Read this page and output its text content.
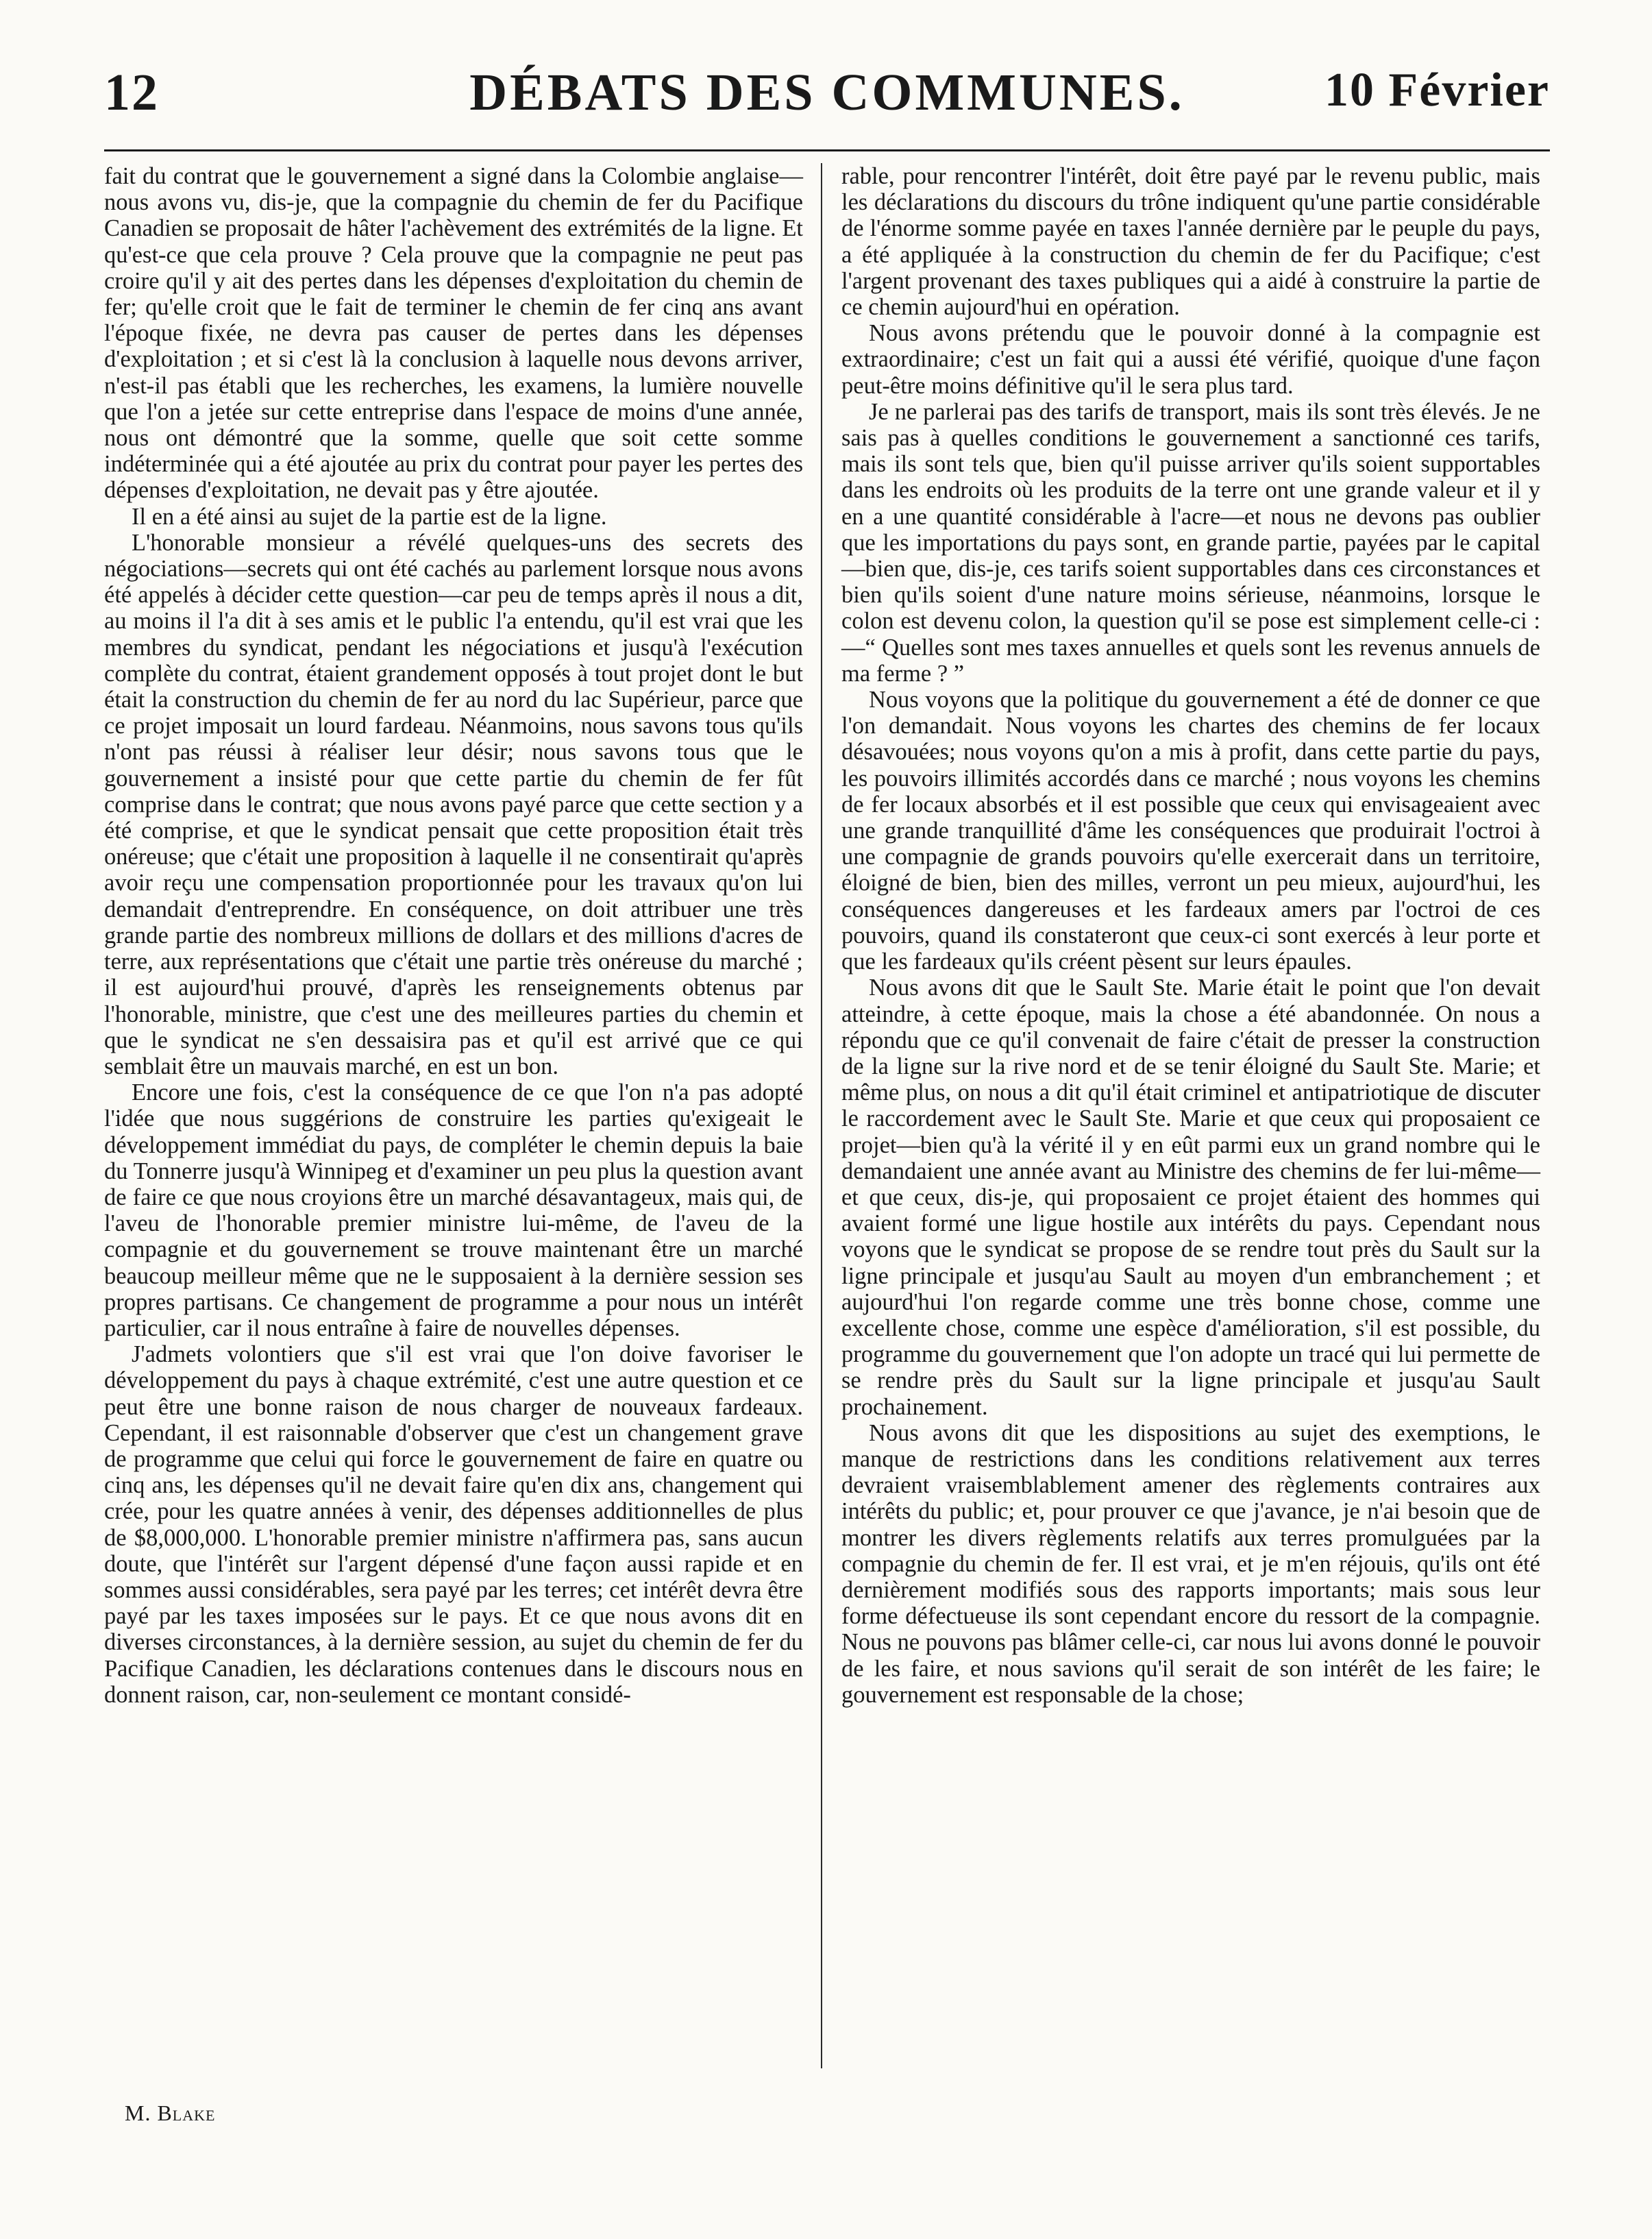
12	DÉBATS DES COMMUNES.	10 Février

fait du contrat que le gouvernement a signé dans la Colombie anglaise—nous avons vu, dis-je, que la compagnie du chemin de fer du Pacifique Canadien se proposait de hâter l'achèvement des extrémités de la ligne. Et qu'est-ce que cela prouve ? Cela prouve que la compagnie ne peut pas croire qu'il y ait des pertes dans les dépenses d'exploitation du chemin de fer; qu'elle croit que le fait de terminer le chemin de fer cinq ans avant l'époque fixée, ne devra pas causer de pertes dans les dépenses d'exploitation ; et si c'est là la conclusion à laquelle nous devons arriver, n'est-il pas établi que les recherches, les examens, la lumière nouvelle que l'on a jetée sur cette entreprise dans l'espace de moins d'une année, nous ont démontré que la somme, quelle que soit cette somme indéterminée qui a été ajoutée au prix du contrat pour payer les pertes des dépenses d'exploitation, ne devait pas y être ajoutée.

Il en a été ainsi au sujet de la partie est de la ligne.

L'honorable monsieur a révélé quelques-uns des secrets des négociations—secrets qui ont été cachés au parlement lorsque nous avons été appelés à décider cette question—car peu de temps après il nous a dit, au moins il l'a dit à ses amis et le public l'a entendu, qu'il est vrai que les membres du syndicat, pendant les négociations et jusqu'à l'exécution complète du contrat, étaient grandement opposés à tout projet dont le but était la construction du chemin de fer au nord du lac Supérieur, parce que ce projet imposait un lourd fardeau. Néanmoins, nous savons tous qu'ils n'ont pas réussi à réaliser leur désir; nous savons tous que le gouvernement a insisté pour que cette partie du chemin de fer fût comprise dans le contrat; que nous avons payé parce que cette section y a été comprise, et que le syndicat pensait que cette proposition était très onéreuse; que c'était une proposition à laquelle il ne consentirait qu'après avoir reçu une compensation proportionnée pour les travaux qu'on lui demandait d'entreprendre. En conséquence, on doit attribuer une très grande partie des nombreux millions de dollars et des millions d'acres de terre, aux représentations que c'était une partie très onéreuse du marché ; il est aujourd'hui prouvé, d'après les renseignements obtenus par l'honorable, ministre, que c'est une des meilleures parties du chemin et que le syndicat ne s'en dessaisira pas et qu'il est arrivé que ce qui semblait être un mauvais marché, en est un bon.

Encore une fois, c'est la conséquence de ce que l'on n'a pas adopté l'idée que nous suggérions de construire les parties qu'exigeait le développement immédiat du pays, de compléter le chemin depuis la baie du Tonnerre jusqu'à Winnipeg et d'examiner un peu plus la question avant de faire ce que nous croyions être un marché désavantageux, mais qui, de l'aveu de l'honorable premier ministre lui-même, de l'aveu de la compagnie et du gouvernement se trouve maintenant être un marché beaucoup meilleur même que ne le supposaient à la dernière session ses propres partisans. Ce changement de programme a pour nous un intérêt particulier, car il nous entraîne à faire de nouvelles dépenses.

J'admets volontiers que s'il est vrai que l'on doive favoriser le développement du pays à chaque extrémité, c'est une autre question et ce peut être une bonne raison de nous charger de nouveaux fardeaux. Cependant, il est raisonnable d'observer que c'est un changement grave de programme que celui qui force le gouvernement de faire en quatre ou cinq ans, les dépenses qu'il ne devait faire qu'en dix ans, changement qui crée, pour les quatre années à venir, des dépenses additionnelles de plus de $8,000,000. L'honorable premier ministre n'affirmera pas, sans aucun doute, que l'intérêt sur l'argent dépensé d'une façon aussi rapide et en sommes aussi considérables, sera payé par les terres; cet intérêt devra être payé par les taxes imposées sur le pays. Et ce que nous avons dit en diverses circonstances, à la dernière session, au sujet du chemin de fer du Pacifique Canadien, les déclarations contenues dans le discours nous en donnent raison, car, non-seulement ce montant considé-

rable, pour rencontrer l'intérêt, doit être payé par le revenu public, mais les déclarations du discours du trône indiquent qu'une partie considérable de l'énorme somme payée en taxes l'année dernière par le peuple du pays, a été appliquée à la construction du chemin de fer du Pacifique; c'est l'argent provenant des taxes publiques qui a aidé à construire la partie de ce chemin aujourd'hui en opération.

Nous avons prétendu que le pouvoir donné à la compagnie est extraordinaire; c'est un fait qui a aussi été vérifié, quoique d'une façon peut-être moins définitive qu'il le sera plus tard.

Je ne parlerai pas des tarifs de transport, mais ils sont très élevés. Je ne sais pas à quelles conditions le gouvernement a sanctionné ces tarifs, mais ils sont tels que, bien qu'il puisse arriver qu'ils soient supportables dans les endroits où les produits de la terre ont une grande valeur et il y en a une quantité considérable à l'acre—et nous ne devons pas oublier que les importations du pays sont, en grande partie, payées par le capital—bien que, dis-je, ces tarifs soient supportables dans ces circonstances et bien qu'ils soient d'une nature moins sérieuse, néanmoins, lorsque le colon est devenu colon, la question qu'il se pose est simplement celle-ci :—“ Quelles sont mes taxes annuelles et quels sont les revenus annuels de ma ferme ? ”

Nous voyons que la politique du gouvernement a été de donner ce que l'on demandait. Nous voyons les chartes des chemins de fer locaux désavouées; nous voyons qu'on a mis à profit, dans cette partie du pays, les pouvoirs illimités accordés dans ce marché ; nous voyons les chemins de fer locaux absorbés et il est possible que ceux qui envisageaient avec une grande tranquillité d'âme les conséquences que produirait l'octroi à une compagnie de grands pouvoirs qu'elle exercerait dans un territoire, éloigné de bien, bien des milles, verront un peu mieux, aujourd'hui, les conséquences dangereuses et les fardeaux amers par l'octroi de ces pouvoirs, quand ils constateront que ceux-ci sont exercés à leur porte et que les fardeaux qu'ils créent pèsent sur leurs épaules.

Nous avons dit que le Sault Ste. Marie était le point que l'on devait atteindre, à cette époque, mais la chose a été abandonnée. On nous a répondu que ce qu'il convenait de faire c'était de presser la construction de la ligne sur la rive nord et de se tenir éloigné du Sault Ste. Marie; et même plus, on nous a dit qu'il était criminel et antipatriotique de discuter le raccordement avec le Sault Ste. Marie et que ceux qui proposaient ce projet—bien qu'à la vérité il y en eût parmi eux un grand nombre qui le demandaient une année avant au Ministre des chemins de fer lui-même—et que ceux, dis-je, qui proposaient ce projet étaient des hommes qui avaient formé une ligue hostile aux intérêts du pays. Cependant nous voyons que le syndicat se propose de se rendre tout près du Sault sur la ligne principale et jusqu'au Sault au moyen d'un embranchement ; et aujourd'hui l'on regarde comme une très bonne chose, comme une excellente chose, comme une espèce d'amélioration, s'il est possible, du programme du gouvernement que l'on adopte un tracé qui lui permette de se rendre près du Sault sur la ligne principale et jusqu'au Sault prochainement.

Nous avons dit que les dispositions au sujet des exemptions, le manque de restrictions dans les conditions relativement aux terres devraient vraisemblablement amener des règlements contraires aux intérêts du public; et, pour prouver ce que j'avance, je n'ai besoin que de montrer les divers règlements relatifs aux terres promulguées par la compagnie du chemin de fer. Il est vrai, et je m'en réjouis, qu'ils ont été dernièrement modifiés sous des rapports importants; mais sous leur forme défectueuse ils sont cependant encore du ressort de la compagnie. Nous ne pouvons pas blâmer celle-ci, car nous lui avons donné le pouvoir de les faire, et nous savions qu'il serait de son intérêt de les faire; le gouvernement est responsable de la chose;

M. Blake
